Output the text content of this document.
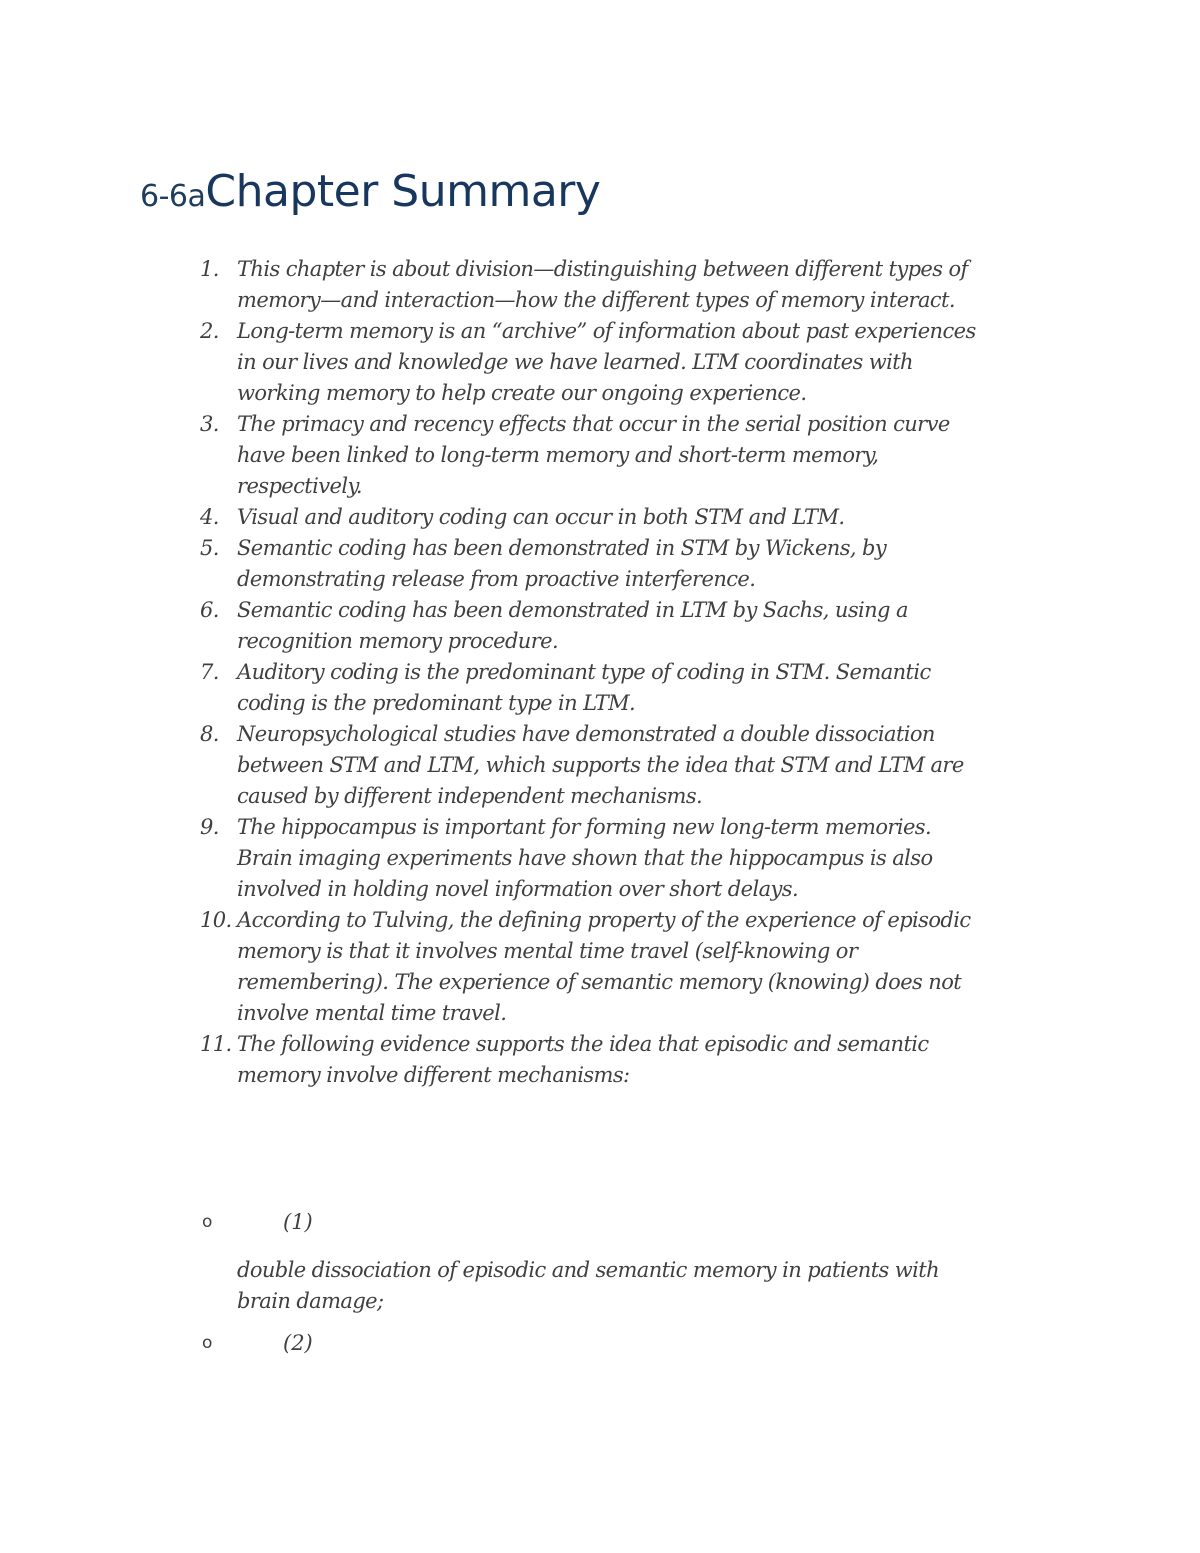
6-6aChapter Summary
1. This chapter is about division—distinguishing between different types of memory—and interaction—how the different types of memory interact.
2. Long-term memory is an “archive” of information about past experiences in our lives and knowledge we have learned. LTM coordinates with working memory to help create our ongoing experience.
3. The primacy and recency effects that occur in the serial position curve have been linked to long-term memory and short-term memory, respectively.
4. Visual and auditory coding can occur in both STM and LTM.
5. Semantic coding has been demonstrated in STM by Wickens, by demonstrating release from proactive interference.
6. Semantic coding has been demonstrated in LTM by Sachs, using a recognition memory procedure.
7. Auditory coding is the predominant type of coding in STM. Semantic coding is the predominant type in LTM.
8. Neuropsychological studies have demonstrated a double dissociation between STM and LTM, which supports the idea that STM and LTM are caused by different independent mechanisms.
9. The hippocampus is important for forming new long-term memories. Brain imaging experiments have shown that the hippocampus is also involved in holding novel information over short delays.
10. According to Tulving, the defining property of the experience of episodic memory is that it involves mental time travel (self-knowing or remembering). The experience of semantic memory (knowing) does not involve mental time travel.
11. The following evidence supports the idea that episodic and semantic memory involve different mechanisms:
o	(1)

double dissociation of episodic and semantic memory in patients with brain damage;

o	(2)
